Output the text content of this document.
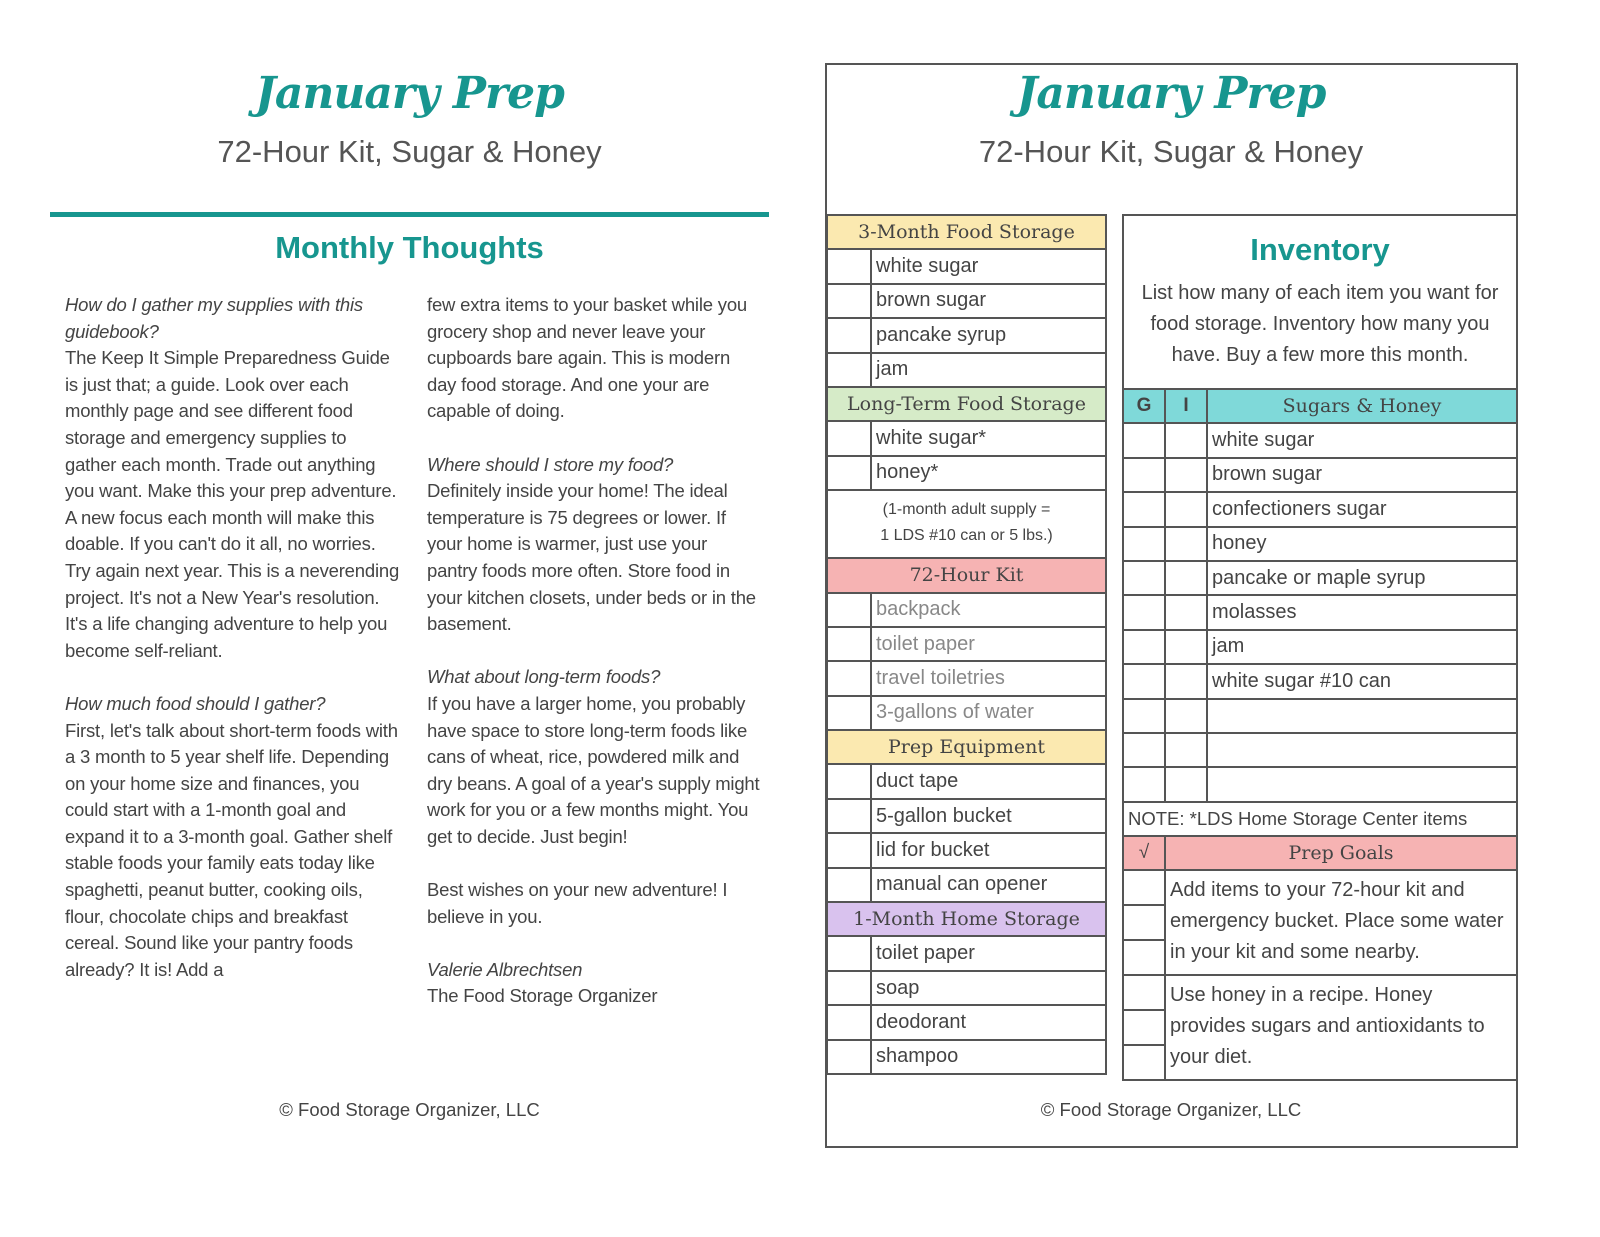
January Prep
72-Hour Kit, Sugar & Honey
Monthly Thoughts

How do I gather my supplies with this guidebook?
The Keep It Simple Preparedness Guide is just that; a guide. Look over each monthly page and see different food storage and emergency supplies to gather each month. Trade out anything you want. Make this your prep adventure. A new focus each month will make this doable. If you can't do it all, no worries. Try again next year. This is a neverending project. It's not a New Year's resolution. It's a life changing adventure to help you become self-reliant.

How much food should I gather?
First, let's talk about short-term foods with a 3 month to 5 year shelf life. Depending on your home size and finances, you could start with a 1-month goal and expand it to a 3-month goal. Gather shelf stable foods your family eats today like spaghetti, peanut butter, cooking oils, flour, chocolate chips and breakfast cereal. Sound like your pantry foods already? It is! Add a

few extra items to your basket while you grocery shop and never leave your cupboards bare again. This is modern day food storage. And one your are capable of doing.

Where should I store my food?
Definitely inside your home! The ideal temperature is 75 degrees or lower. If your home is warmer, just use your pantry foods more often. Store food in your kitchen closets, under beds or in the basement.

What about long-term foods?
If you have a larger home, you probably have space to store long-term foods like cans of wheat, rice, powdered milk and dry beans. A goal of a year's supply might work for you or a few months might. You get to decide. Just begin!

Best wishes on your new adventure! I believe in you.

Valerie Albrechtsen
The Food Storage Organizer

© Food Storage Organizer, LLC
January Prep
72-Hour Kit, Sugar & Honey
3-Month Food Storage
white sugar
brown sugar
pancake syrup
jam
Long-Term Food Storage
white sugar*
honey*
(1-month adult supply =
1 LDS #10 can or 5 lbs.)
72-Hour Kit
backpack
toilet paper
travel toiletries
3-gallons of water
Prep Equipment
duct tape
5-gallon bucket
lid for bucket
manual can opener
1-Month Home Storage
toilet paper
soap
deodorant
shampoo
Inventory
List how many of each item you want for food storage. Inventory how many you have. Buy a few more this month.
G	I	Sugars & Honey
white sugar
brown sugar
confectioners sugar
honey
pancake or maple syrup
molasses
jam
white sugar #10 can
NOTE: *LDS Home Storage Center items
√	Prep Goals
Add items to your 72-hour kit and emergency bucket. Place some water in your kit and some nearby.
Use honey in a recipe. Honey provides sugars and antioxidants to your diet.
© Food Storage Organizer, LLC
